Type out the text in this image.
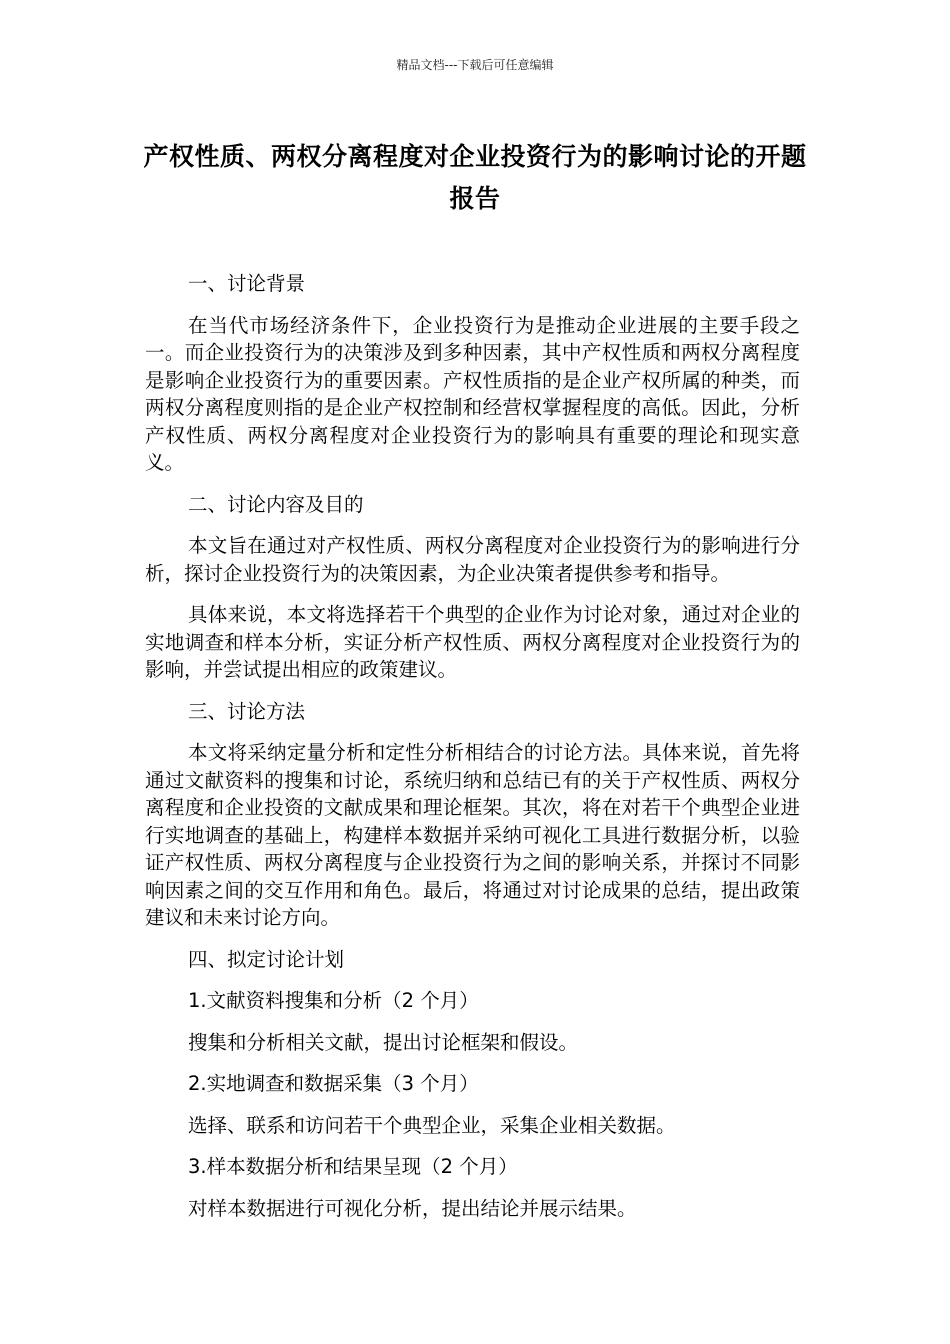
精品文档---下载后可任意编辑
产权性质、两权分离程度对企业投资行为的影响讨论的开题报告

一、讨论背景

在当代市场经济条件下，企业投资行为是推动企业进展的主要手段之一。而企业投资行为的决策涉及到多种因素，其中产权性质和两权分离程度是影响企业投资行为的重要因素。产权性质指的是企业产权所属的种类，而两权分离程度则指的是企业产权控制和经营权掌握程度的高低。因此，分析产权性质、两权分离程度对企业投资行为的影响具有重要的理论和现实意义。

二、讨论内容及目的

本文旨在通过对产权性质、两权分离程度对企业投资行为的影响进行分析，探讨企业投资行为的决策因素，为企业决策者提供参考和指导。

具体来说，本文将选择若干个典型的企业作为讨论对象，通过对企业的实地调查和样本分析，实证分析产权性质、两权分离程度对企业投资行为的影响，并尝试提出相应的政策建议。

三、讨论方法

本文将采纳定量分析和定性分析相结合的讨论方法。具体来说，首先将通过文献资料的搜集和讨论，系统归纳和总结已有的关于产权性质、两权分离程度和企业投资的文献成果和理论框架。其次，将在对若干个典型企业进行实地调查的基础上，构建样本数据并采纳可视化工具进行数据分析，以验证产权性质、两权分离程度与企业投资行为之间的影响关系，并探讨不同影响因素之间的交互作用和角色。最后，将通过对讨论成果的总结，提出政策建议和未来讨论方向。

四、拟定讨论计划

1.文献资料搜集和分析（2 个月）

搜集和分析相关文献，提出讨论框架和假设。

2.实地调查和数据采集（3 个月）

选择、联系和访问若干个典型企业，采集企业相关数据。

3.样本数据分析和结果呈现（2 个月）

对样本数据进行可视化分析，提出结论并展示结果。
